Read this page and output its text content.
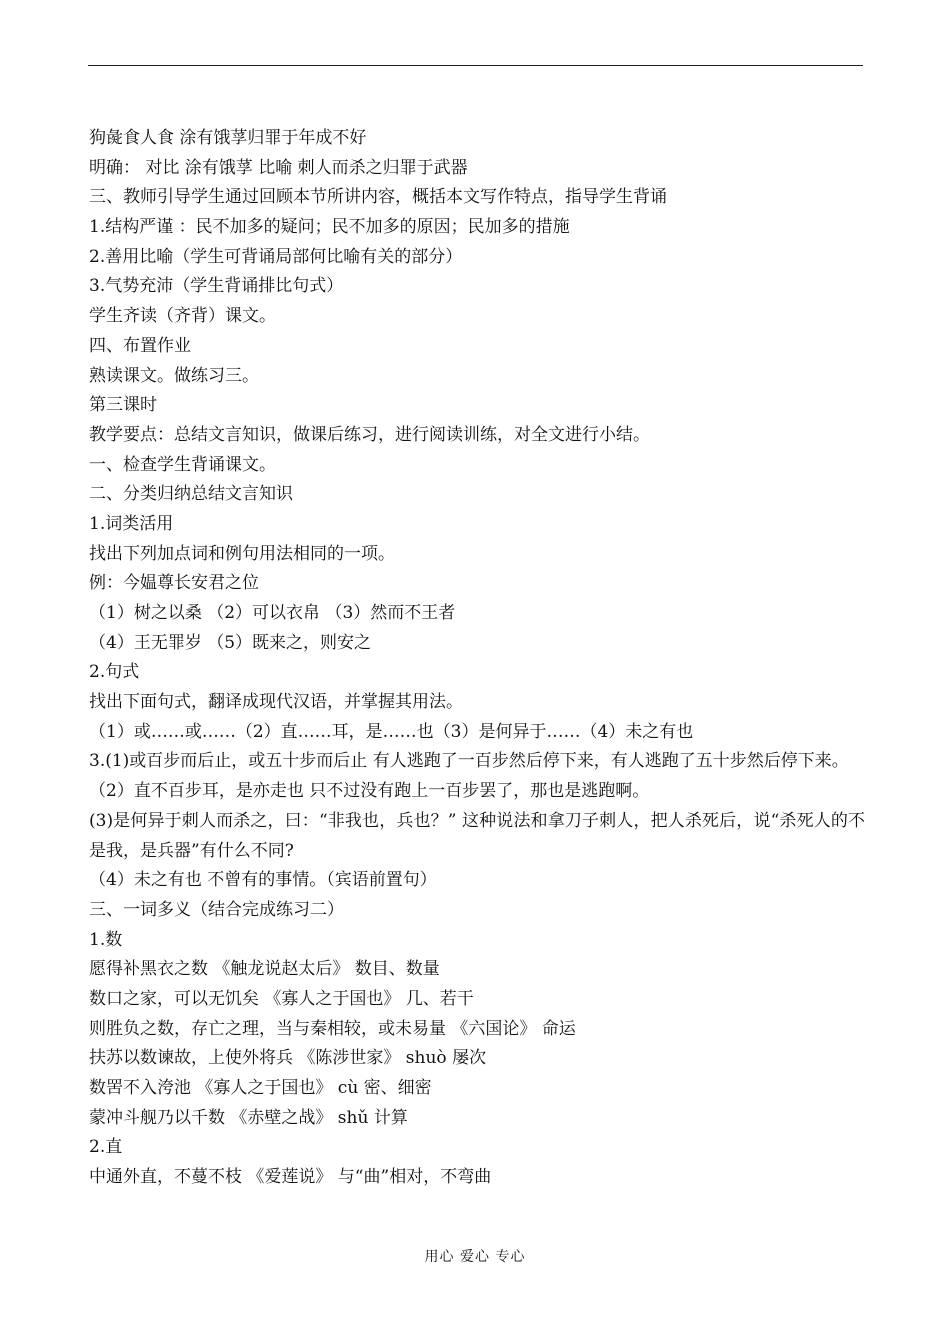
狗彘食人食 涂有饿莩归罪于年成不好
明确： 对比 涂有饿莩 比喻 刺人而杀之归罪于武器
三、教师引导学生通过回顾本节所讲内容，概括本文写作特点，指导学生背诵
1.结构严谨 ：民不加多的疑问；民不加多的原因；民加多的措施
2.善用比喻（学生可背诵局部何比喻有关的部分）
3.气势充沛（学生背诵排比句式）
学生齐读（齐背）课文。
四、布置作业
熟读课文。做练习三。
第三课时
教学要点：总结文言知识，做课后练习，进行阅读训练，对全文进行小结。
一、检查学生背诵课文。
二、分类归纳总结文言知识
1.词类活用
找出下列加点词和例句用法相同的一项。
例：今媪尊长安君之位
（1）树之以桑 （2）可以衣帛 （3）然而不王者
（4）王无罪岁 （5）既来之，则安之
2.句式
找出下面句式，翻译成现代汉语，并掌握其用法。
（1）或……或……（2）直……耳，是……也（3）是何异于……（4）未之有也
3.(1)或百步而后止，或五十步而后止 有人逃跑了一百步然后停下来，有人逃跑了五十步然后停下来。
（2）直不百步耳，是亦走也 只不过没有跑上一百步罢了，那也是逃跑啊。
(3)是何异于刺人而杀之，曰：“非我也，兵也？” 这种说法和拿刀子刺人，把人杀死后，说“杀死人的不是我，是兵器”有什么不同?
（4）未之有也 不曾有的事情。（宾语前置句）
三、一词多义（结合完成练习二）
1.数
愿得补黑衣之数 《触龙说赵太后》 数目、数量
数口之家，可以无饥矣 《寡人之于国也》 几、若干
则胜负之数，存亡之理，当与秦相较，或未易量 《六国论》 命运
扶苏以数谏故，上使外将兵 《陈涉世家》 shuò 屡次
数罟不入洿池 《寡人之于国也》 cù 密、细密
蒙冲斗舰乃以千数 《赤壁之战》 shǔ 计算
2.直
中通外直，不蔓不枝 《爱莲说》 与“曲”相对，不弯曲
用心 爱心 专心
